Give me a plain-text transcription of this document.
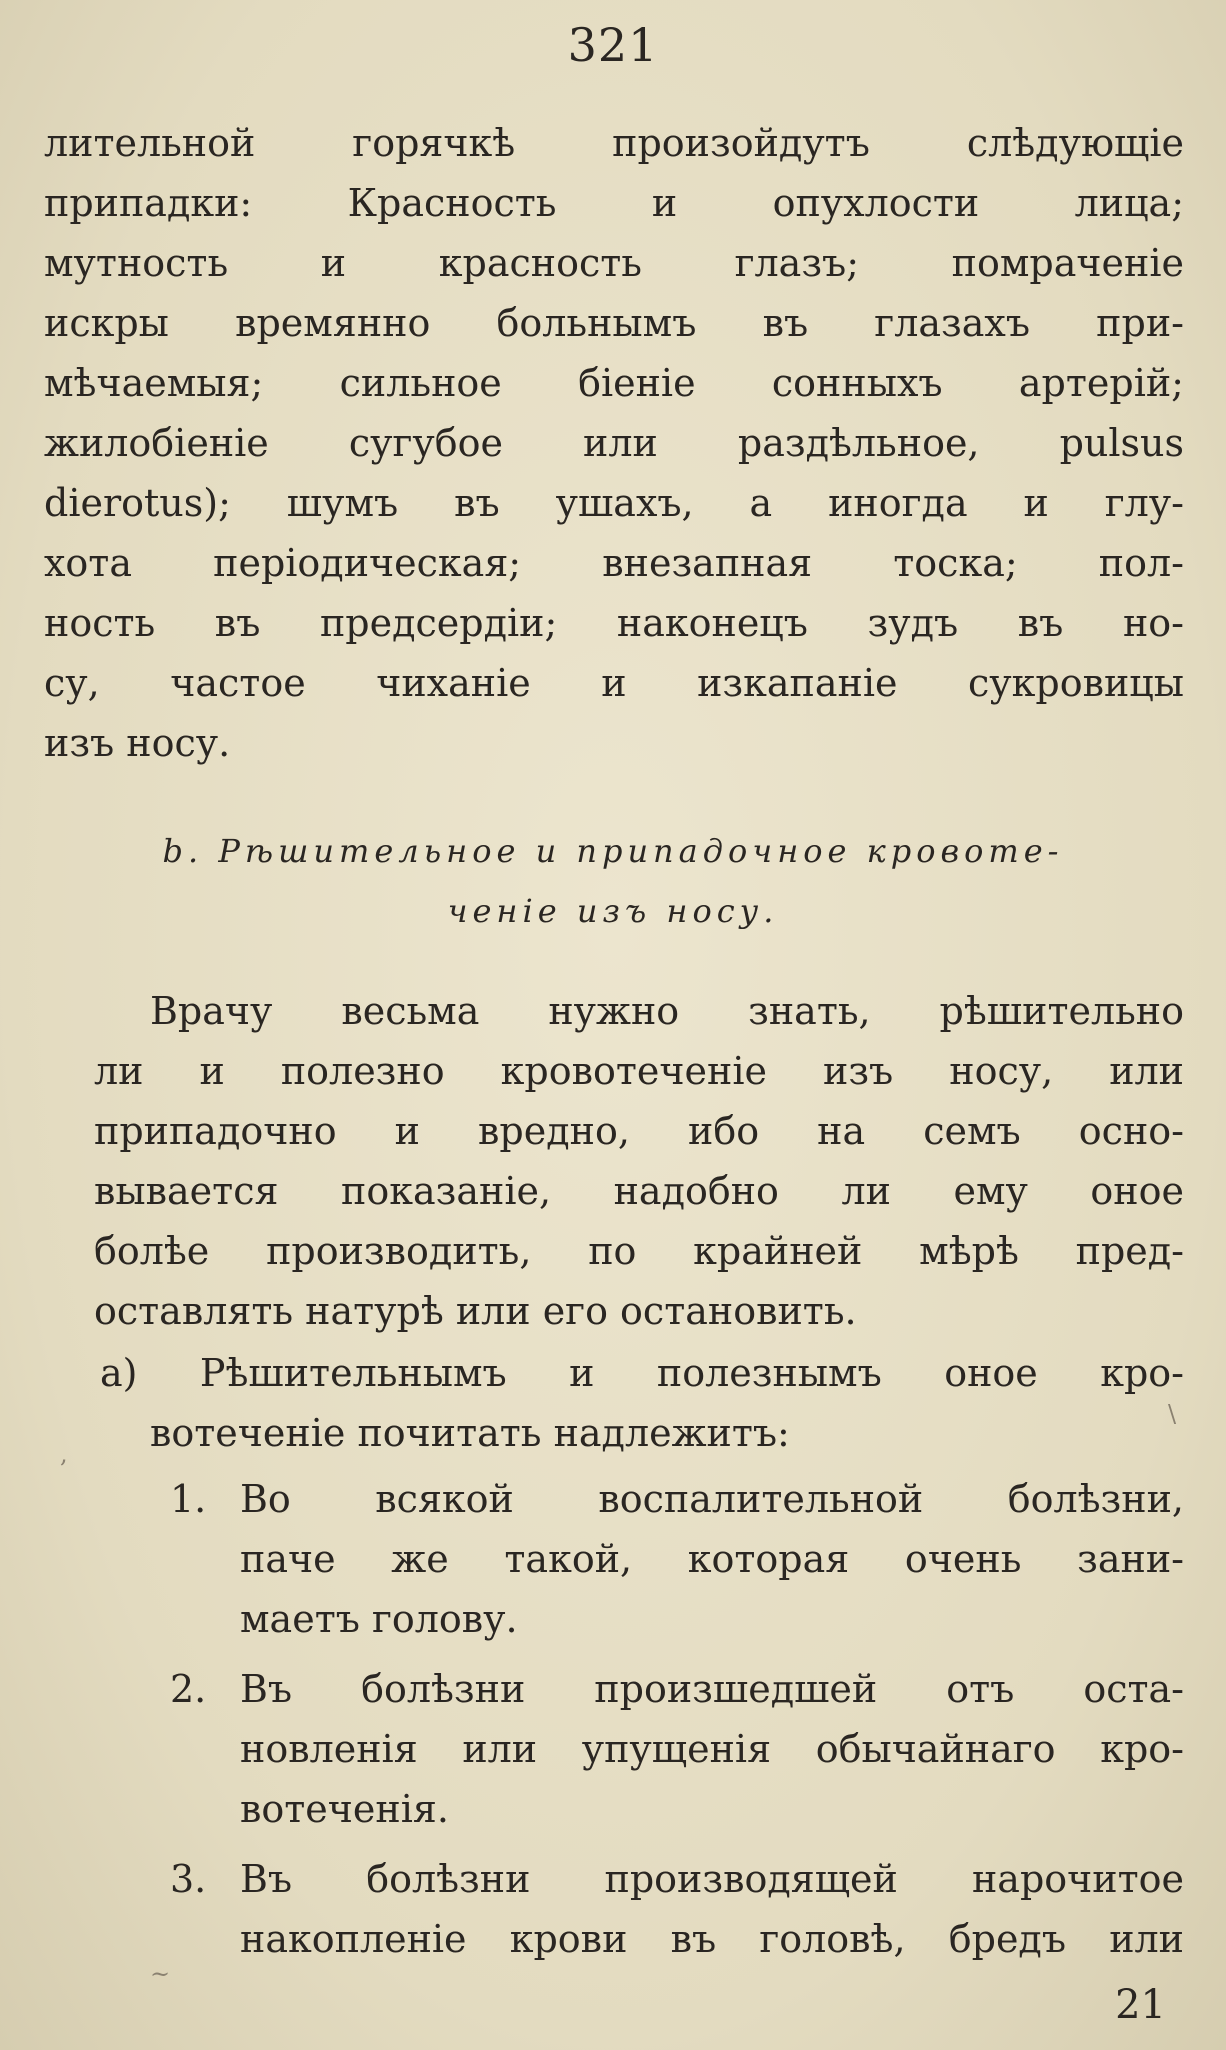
321
лительной горячкѣ произойдутъ слѣдующіе
припадки: Красность и опухлости лица;
мутность и красность глазъ; помраченіе
искры времянно больнымъ въ глазахъ при-
мѣчаемыя; сильное біеніе сонныхъ артерій;
жилобіеніе сугубое или раздѣльное, pulsus
dierotus); шумъ въ ушахъ, а иногда и глу-
хота періодическая; внезапная тоска; пол-
ность въ предсердіи; наконецъ зудъ въ но-
су, частое чиханіе и изкапаніе сукровицы
изъ носу.
b. Рѣшительное и припадочное кровоте-
ченіе изъ носу.
Врачу весьма нужно знать, рѣшительно
ли и полезно кровотеченіе изъ носу, или
припадочно и вредно, ибо на семъ осно-
вывается показаніе, надобно ли ему оное
болѣе производить, по крайней мѣрѣ пред-
оставлять натурѣ или его остановить.
а) Рѣшительнымъ и полезнымъ оное кро-
вотеченіе почитать надлежитъ:
1. Во всякой воспалительной болѣзни,
паче же такой, которая очень зани-
маетъ голову.
2. Въ болѣзни произшедшей отъ оста-
новленія или упущенія обычайнаго кро-
вотеченія.
3. Въ болѣзни производящей нарочитое
накопленіе крови въ головѣ, бредъ или
21
,
\
~
